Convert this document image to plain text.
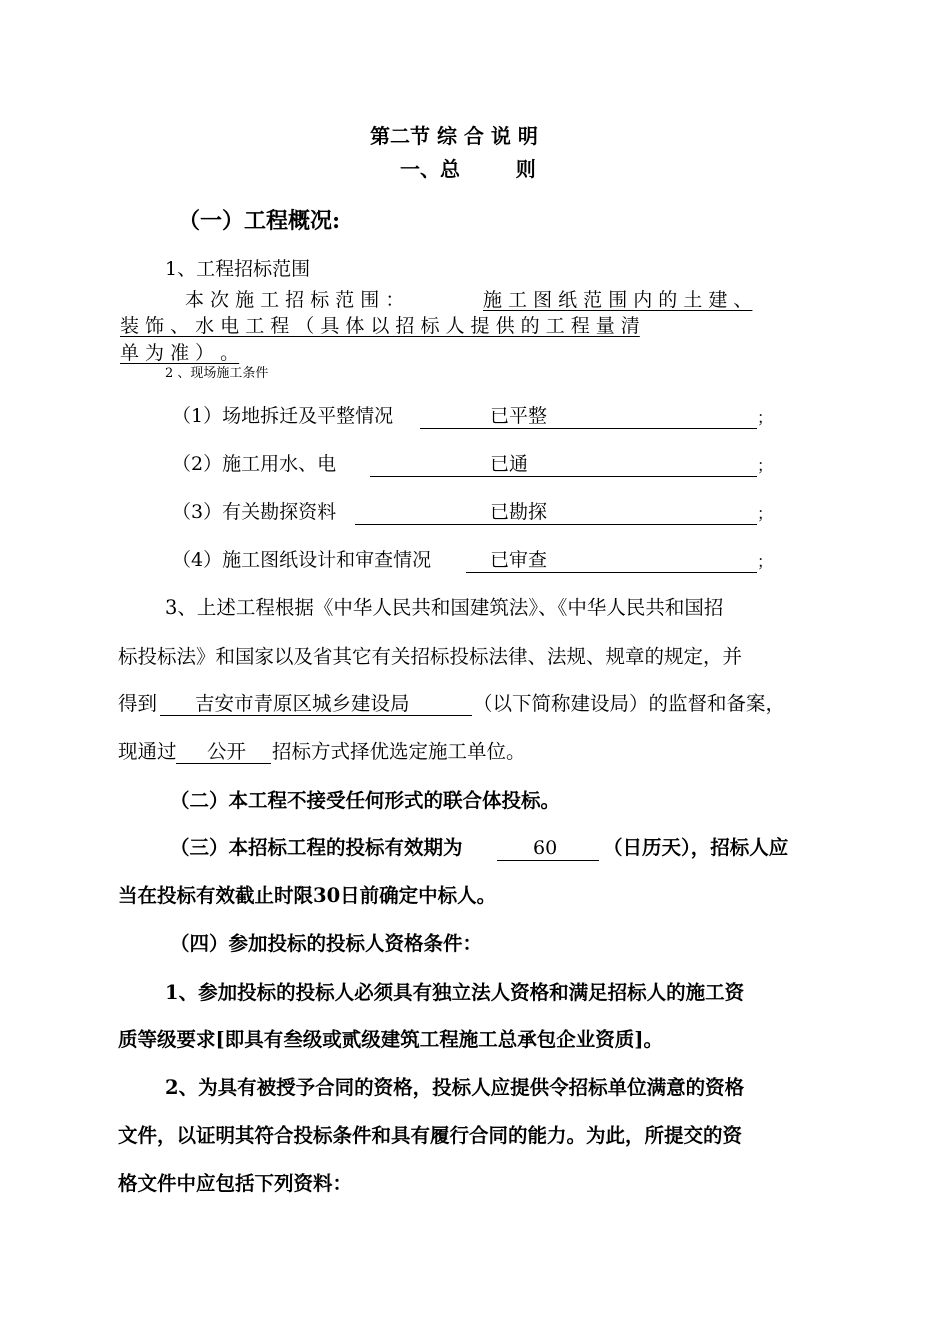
第二节 综 合 说 明
一、总        则
（一）工程概况:
1、工程招标范围
本 次 施 工 招 标 范 围 ：	施 工 图 纸 范 围 内 的 土 建 、
装 饰 、 水 电 工 程 （ 具 体 以 招 标 人 提 供 的 工 程 量 清
单 为 准 ） 。
2 、现场施工条件
（1）场地拆迁及平整情况	已平整	；
（2）施工用水、电	已通	；
（3）有关勘探资料	已勘探	；
（4）施工图纸设计和审查情况	已审查	；
3、上述工程根据《中华人民共和国建筑法》、《中华人民共和国招
标投标法》和国家以及省其它有关招标投标法律、法规、规章的规定，并
得到 吉安市青原区城乡建设局	（以下简称建设局）的监督和备案，
现通过 公开 招标方式择优选定施工单位。
（二）本工程不接受任何形式的联合体投标。
（三）本招标工程的投标有效期为	60 （日历天），招标人应
当在投标有效截止时限30日前确定中标人。
（四）参加投标的投标人资格条件：
1、参加投标的投标人必须具有独立法人资格和满足招标人的施工资
质等级要求[即具有叁级或贰级建筑工程施工总承包企业资质]。
2、为具有被授予合同的资格，投标人应提供令招标单位满意的资格
文件，以证明其符合投标条件和具有履行合同的能力。为此，所提交的资
格文件中应包括下列资料：
